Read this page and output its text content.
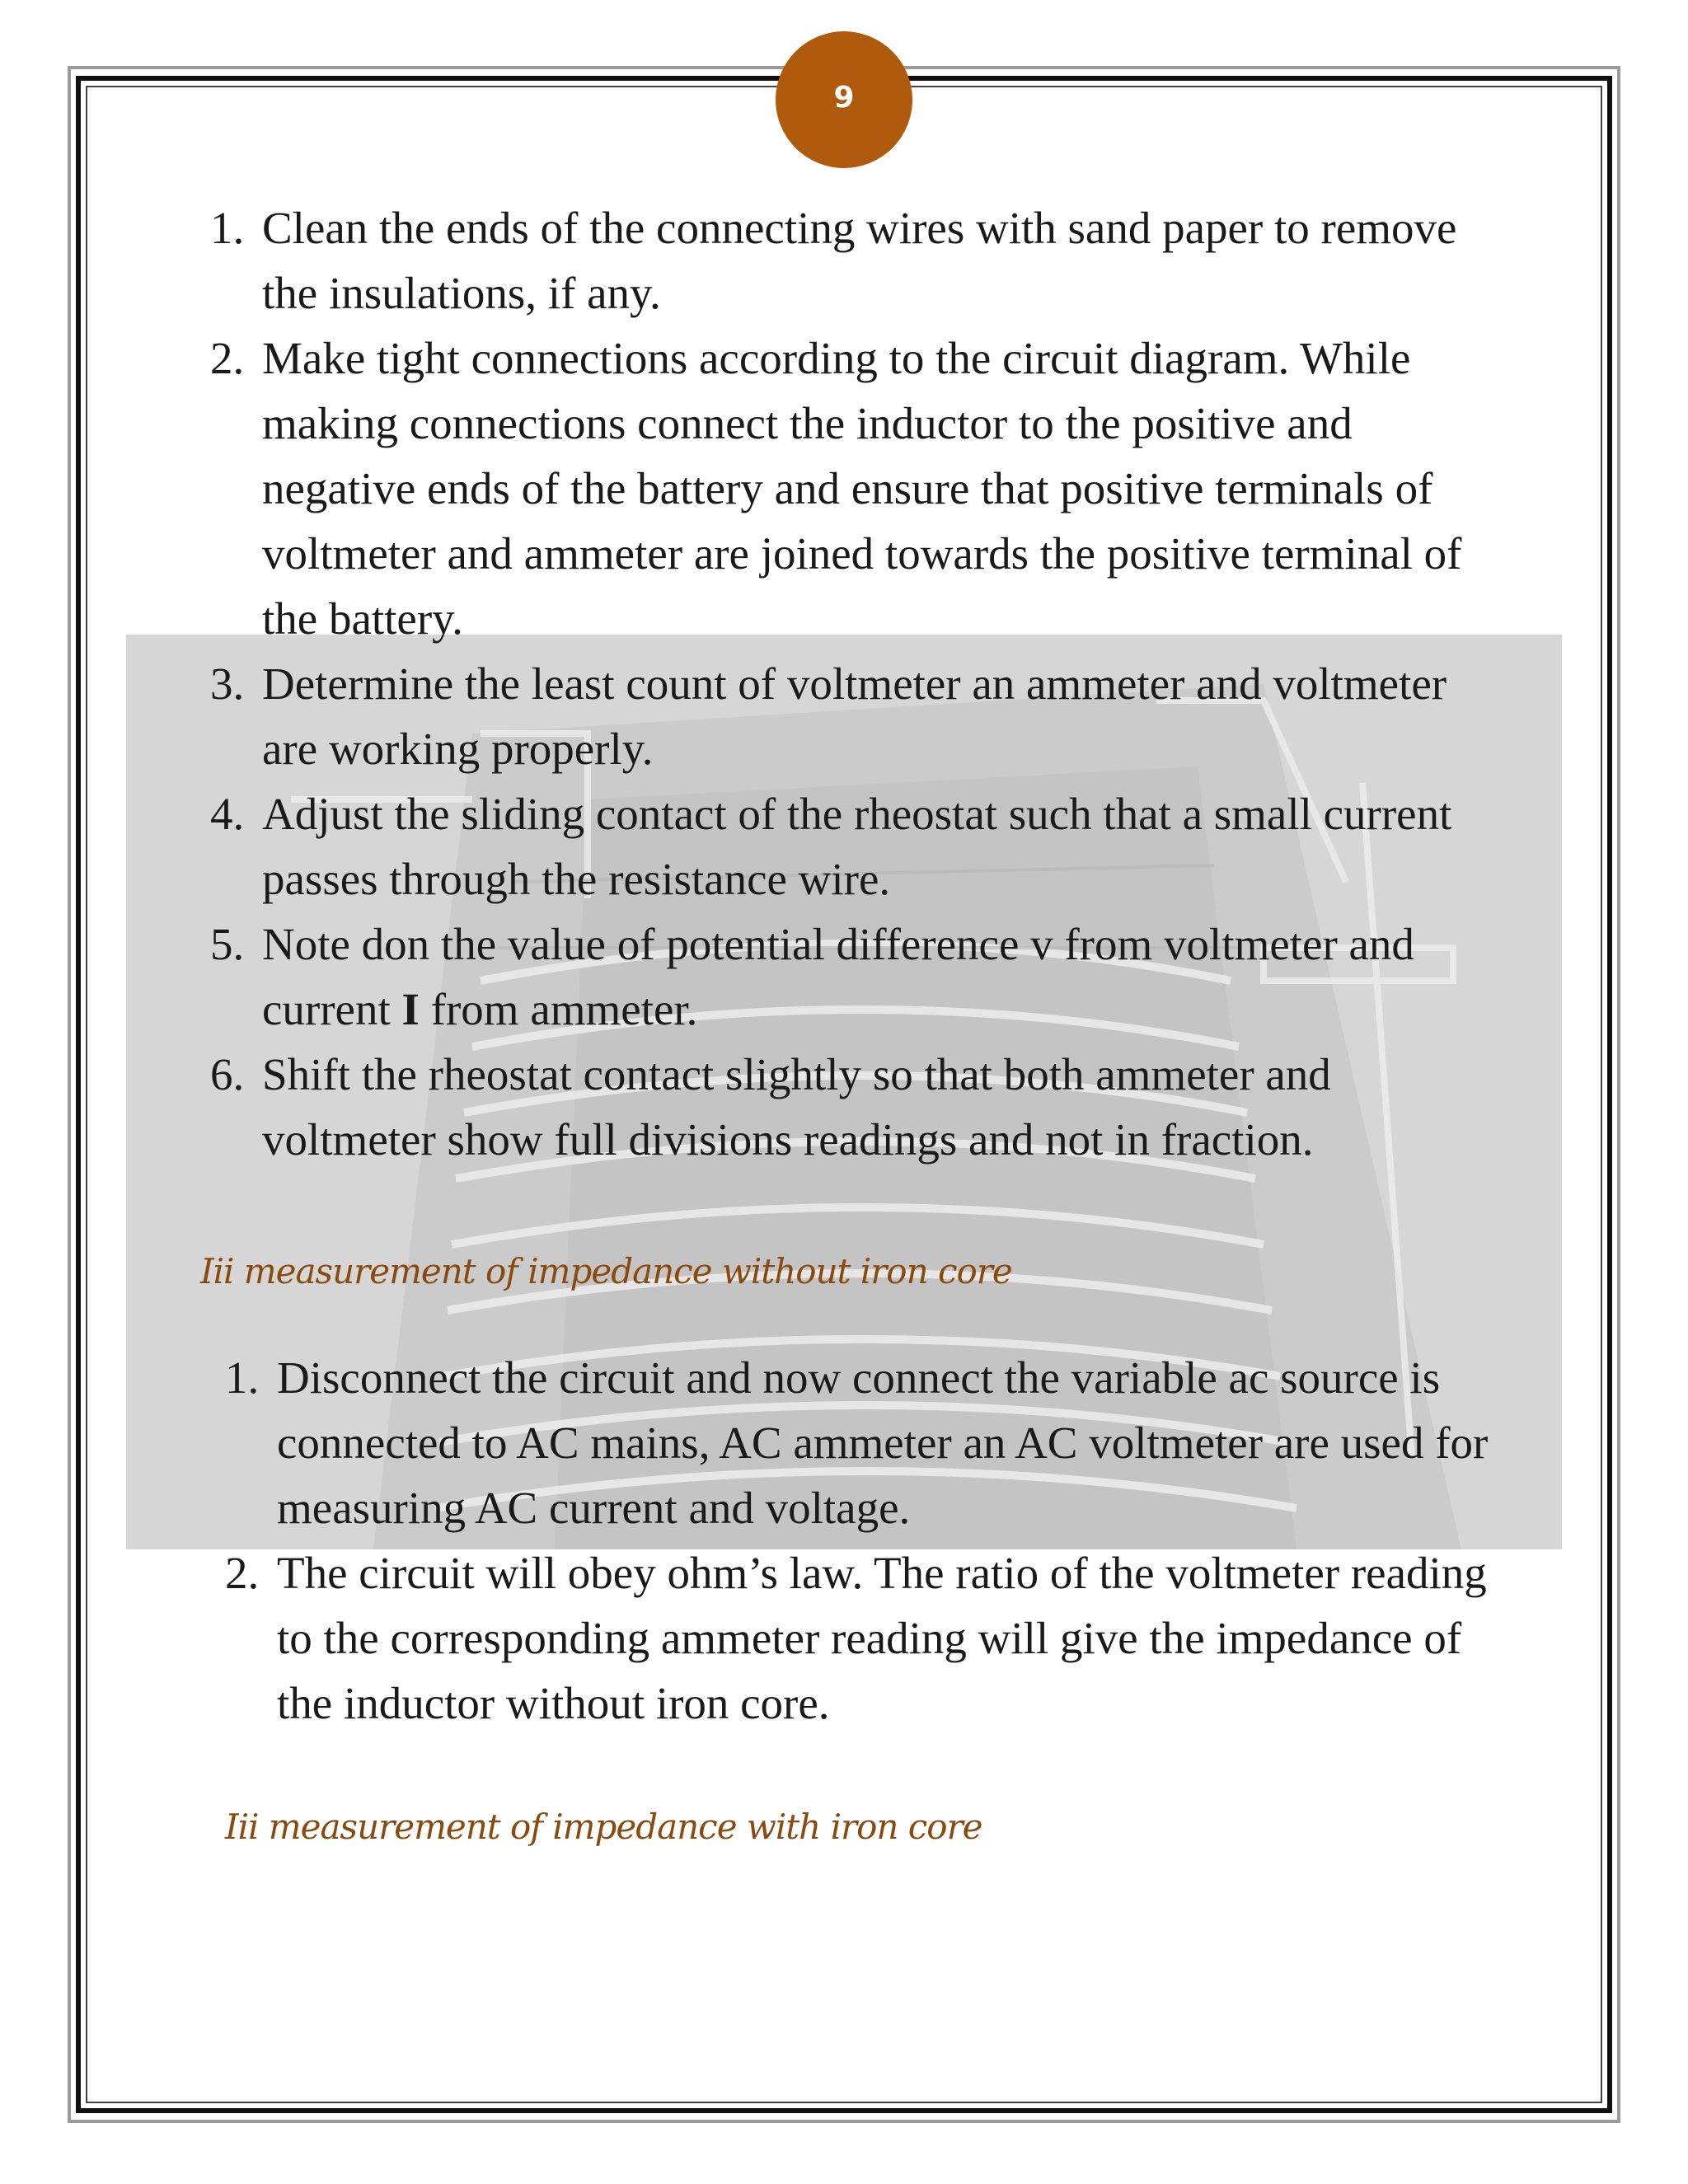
9
1. Clean the ends of the connecting wires with sand paper to remove the insulations, if any.
2. Make tight connections according to the circuit diagram. While making connections connect the inductor to the positive and negative ends of the battery and ensure that positive terminals of voltmeter and ammeter are joined towards the positive terminal of the battery.
3. Determine the least count of voltmeter an ammeter and voltmeter are working properly.
4. Adjust the sliding contact of the rheostat such that a small current passes through the resistance wire.
5. Note don the value of potential difference v from voltmeter and current I from ammeter.
6. Shift the rheostat contact slightly so that both ammeter and voltmeter show full divisions readings and not in fraction.
Iii measurement of impedance without iron core
1. Disconnect the circuit and now connect the variable ac source is connected to AC mains, AC ammeter an AC voltmeter are used for measuring AC current and voltage.
2. The circuit will obey ohm’s law. The ratio of the voltmeter reading to the corresponding ammeter reading will give the impedance of the inductor without iron core.
Iii measurement of impedance with iron core
